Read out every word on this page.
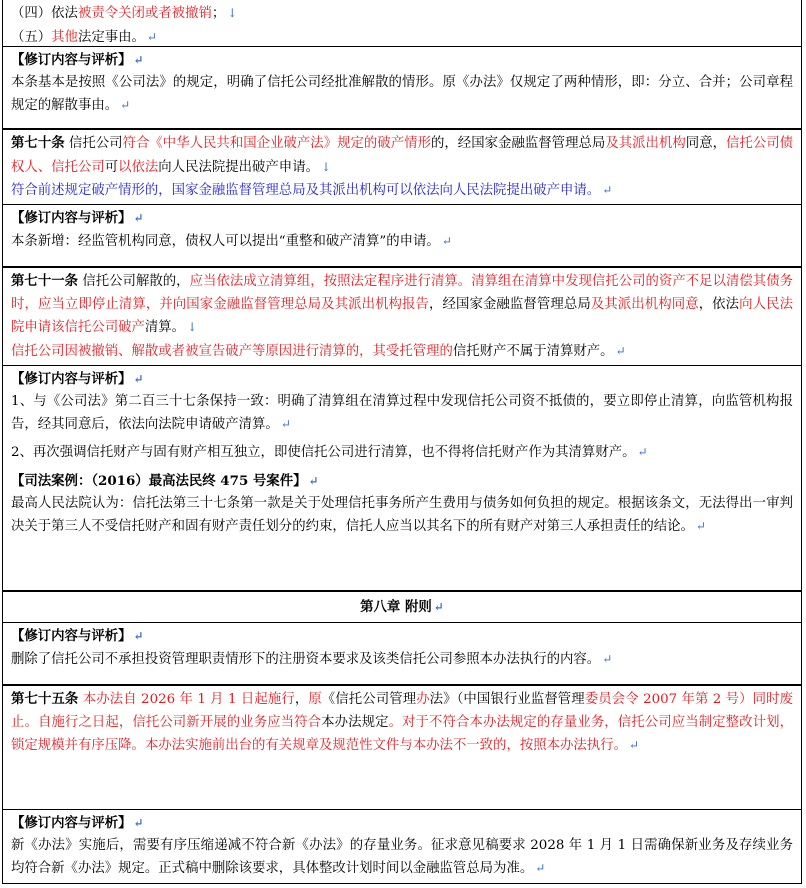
（四）依法被责令关闭或者被撤销； ↓

（五）其他法定事由。 ↵

【修订内容与评析】 ↵

本条基本是按照《公司法》的规定，明确了信托公司经批准解散的情形。原《办法》仅规定了两种情形，即：分立、合并；公司章程规定的解散事由。 ↵

第七十条 信托公司符合《中华人民共和国企业破产法》规定的破产情形的，经国家金融监督管理总局及其派出机构同意，信托公司债权人、信托公司可以依法向人民法院提出破产申请。 ↓

符合前述规定破产情形的，国家金融监督管理总局及其派出机构可以依法向人民法院提出破产申请。 ↵

【修订内容与评析】 ↵

本条新增：经监管机构同意，债权人可以提出“重整和破产清算”的申请。 ↵

第七十一条 信托公司解散的，应当依法成立清算组，按照法定程序进行清算。清算组在清算中发现信托公司的资产不足以清偿其债务时，应当立即停止清算，并向国家金融监督管理总局及其派出机构报告，经国家金融监督管理总局及其派出机构同意，依法向人民法院申请该信托公司破产清算。 ↓

信托公司因被撤销、解散或者被宣告破产等原因进行清算的，其受托管理的信托财产不属于清算财产。 ↵

【修订内容与评析】 ↵

1、与《公司法》第二百三十七条保持一致：明确了清算组在清算过程中发现信托公司资不抵债的，要立即停止清算，向监管机构报告，经其同意后，依法向法院申请破产清算。 ↵

2、再次强调信托财产与固有财产相互独立，即使信托公司进行清算，也不得将信托财产作为其清算财产。 ↵

【司法案例：（2016）最高法民终 475 号案件】 ↵

最高人民法院认为：信托法第三十七条第一款是关于处理信托事务所产生费用与债务如何负担的规定。根据该条文，无法得出一审判决关于第三人不受信托财产和固有财产责任划分的约束，信托人应当以其名下的所有财产对第三人承担责任的结论。 ↵

第八章 附则 ↵

【修订内容与评析】 ↵

删除了信托公司不承担投资管理职责情形下的注册资本要求及该类信托公司参照本办法执行的内容。 ↵

第七十五条 本办法自 2026 年 1 月 1 日起施行，原《信托公司管理办法》（中国银行业监督管理委员会令 2007 年第 2 号）同时废止。自施行之日起，信托公司新开展的业务应当符合本办法规定。对于不符合本办法规定的存量业务，信托公司应当制定整改计划，锁定规模并有序压降。本办法实施前出台的有关规章及规范性文件与本办法不一致的，按照本办法执行。 ↵

【修订内容与评析】 ↵

新《办法》实施后，需要有序压缩递减不符合新《办法》的存量业务。征求意见稿要求 2028 年 1 月 1 日需确保新业务及存续业务均符合新《办法》规定。正式稿中删除该要求，具体整改计划时间以金融监管总局为准。 ↵
